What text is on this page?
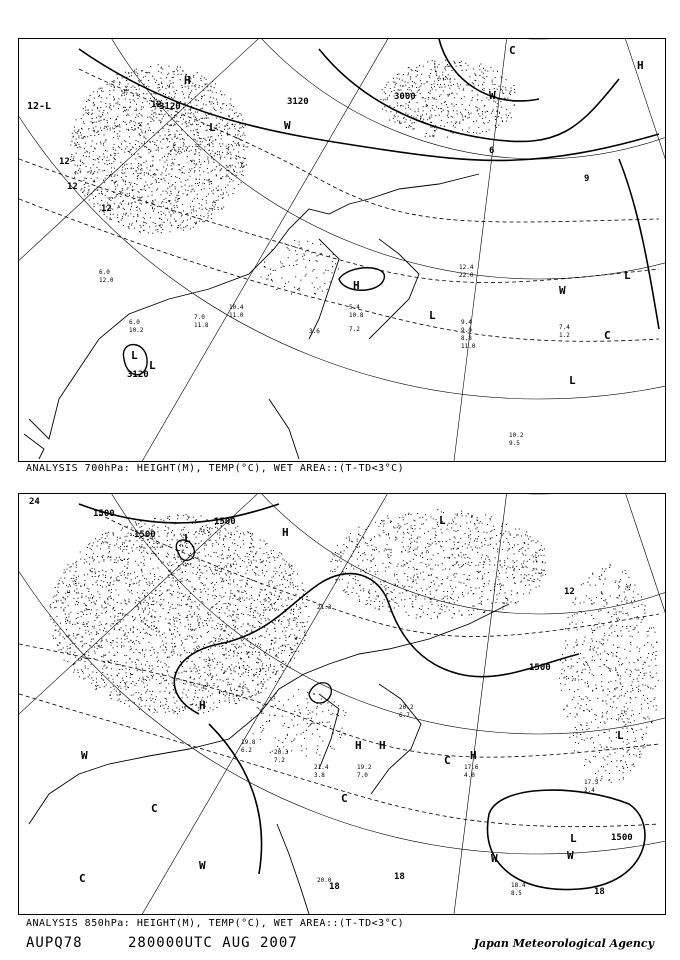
3000
3120
3120
3120
12
12
12
12
9
6
H
H
H
L
L
L
L
L
L
W
W
C
C
W
12-L
10.2
9.5
7.4
1.2
9.4
9.0
8.8
11.0
12.4
22.0
5.4
10.8
7.2
10.4
11.0
6.0
12.0
6.0
10.2
7.0
11.8
3.6
ANALYSIS 700hPa: HEIGHT(M), TEMP(°C), WET AREA::(T-TD<3°C)
1500
1500
1500
1500
1500
24
12
18
18
18
H
H
H H
H
L
L
L
L
W
W	W
W
C
C
C
C
17.6
4.0
17.5
2.4
18.4
8.5
19.2
7.0
19.8
6.2
21.4
3.8
20.3
7.2
20.2
6.7
21.3
20.0
ANALYSIS 850hPa: HEIGHT(M), TEMP(°C), WET AREA::(T-TD<3°C)
AUPQ78	280000UTC AUG 2007	Japan Meteorological Agency
